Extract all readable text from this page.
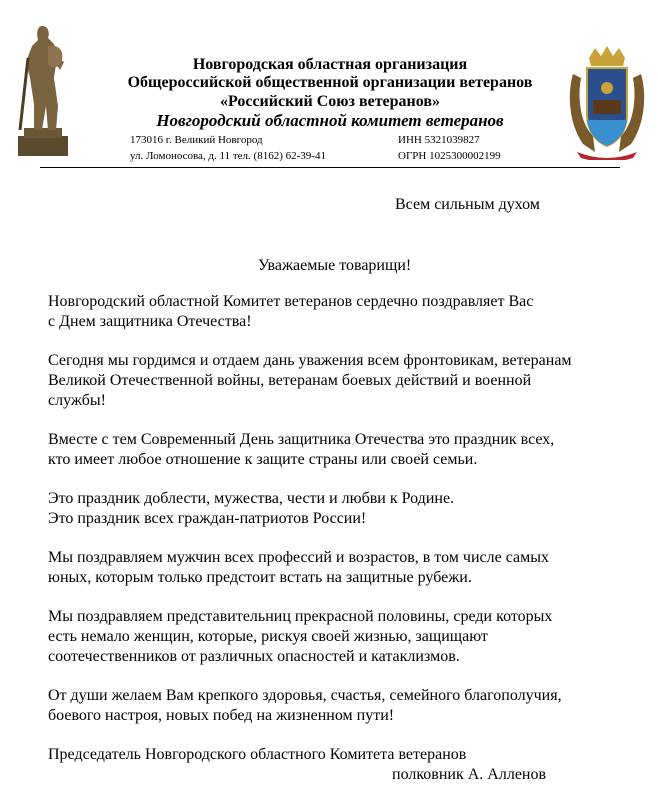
Новгородская областная организация
Общероссийской общественной организации ветеранов
«Российский Союз ветеранов»
Новгородский областной комитет ветеранов
173016 г. Великий Новгород	ИНН 5321039827
ул. Ломоносова, д. 11 тел. (8162) 62-39-41	ОГРН 1025300002199
Всем сильным духом
Уважаемые товарищи!
Новгородский областной Комитет ветеранов сердечно поздравляет Вас
с Днем защитника Отечества!
Сегодня мы гордимся и отдаем дань уважения всем фронтовикам, ветеранам
Великой Отечественной войны, ветеранам боевых действий и военной
службы!
Вместе с тем Современный День защитника Отечества это праздник всех,
кто имеет любое отношение к защите страны или своей семьи.
Это праздник доблести, мужества, чести и любви к Родине.
Это праздник всех граждан-патриотов России!
Мы поздравляем мужчин всех профессий и возрастов, в том числе самых
юных, которым только предстоит встать на защитные рубежи.
Мы поздравляем представительниц прекрасной половины, среди которых
есть немало женщин, которые, рискуя своей жизнью, защищают
соотечественников от различных опасностей и катаклизмов.
От души желаем Вам крепкого здоровья, счастья, семейного благополучия,
боевого настроя, новых побед на жизненном пути!
Председатель Новгородского областного Комитета ветеранов
полковник А. Алленов
